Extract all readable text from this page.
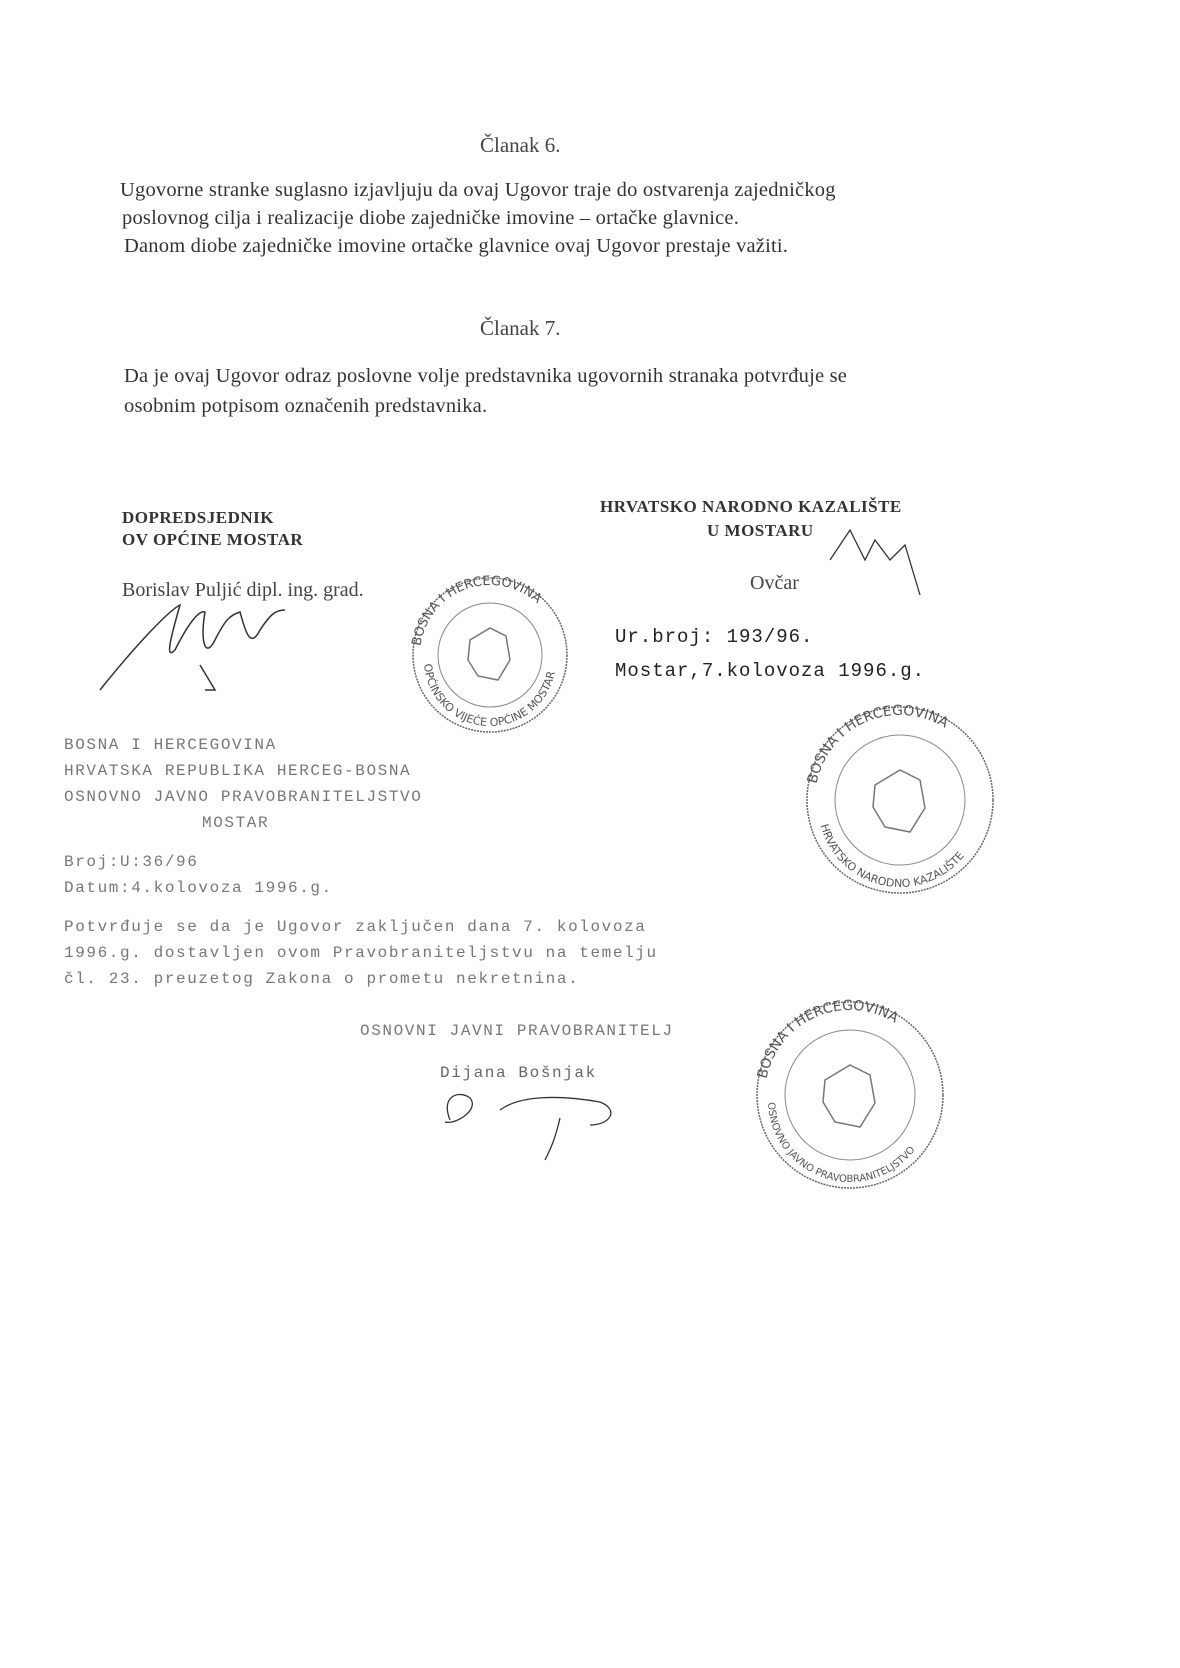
Članak 6.
Ugovorne stranke suglasno izjavljuju da ovaj Ugovor traje do ostvarenja zajedničkog
poslovnog cilja i realizacije diobe zajedničke imovine – ortačke glavnice.
Danom diobe zajedničke imovine ortačke glavnice ovaj Ugovor prestaje važiti.
Članak 7.
Da je ovaj Ugovor odraz poslovne volje predstavnika ugovornih stranaka potvrđuje se
osobnim potpisom označenih predstavnika.
DOPREDSJEDNIK
OV OPĆINE MOSTAR
Borislav Puljić dipl. ing. grad.
HRVATSKO NARODNO KAZALIŠTE
U MOSTARU
Ovčar
Ur.broj: 193/96.
Mostar,7.kolovoza 1996.g.
BOSNA I HERCEGOVINA
OPĆINSKO VIJEĆE OPĆINE MOSTAR
BOSNA I HERCEGOVINA
HRVATSKO NARODNO KAZALIŠTE
BOSNA I HERCEGOVINA
OSNOVNO JAVNO PRAVOBRANITELJSTVO
BOSNA I HERCEGOVINA
HRVATSKA REPUBLIKA HERCEG-BOSNA
OSNOVNO JAVNO PRAVOBRANITELJSTVO
MOSTAR
Broj:U:36/96
Datum:4.kolovoza 1996.g.
Potvrđuje se da je Ugovor zaključen dana 7. kolovoza
1996.g. dostavljen ovom Pravobraniteljstvu na temelju
čl. 23. preuzetog Zakona o prometu nekretnina.
OSNOVNI JAVNI PRAVOBRANITELJ
Dijana Bošnjak
